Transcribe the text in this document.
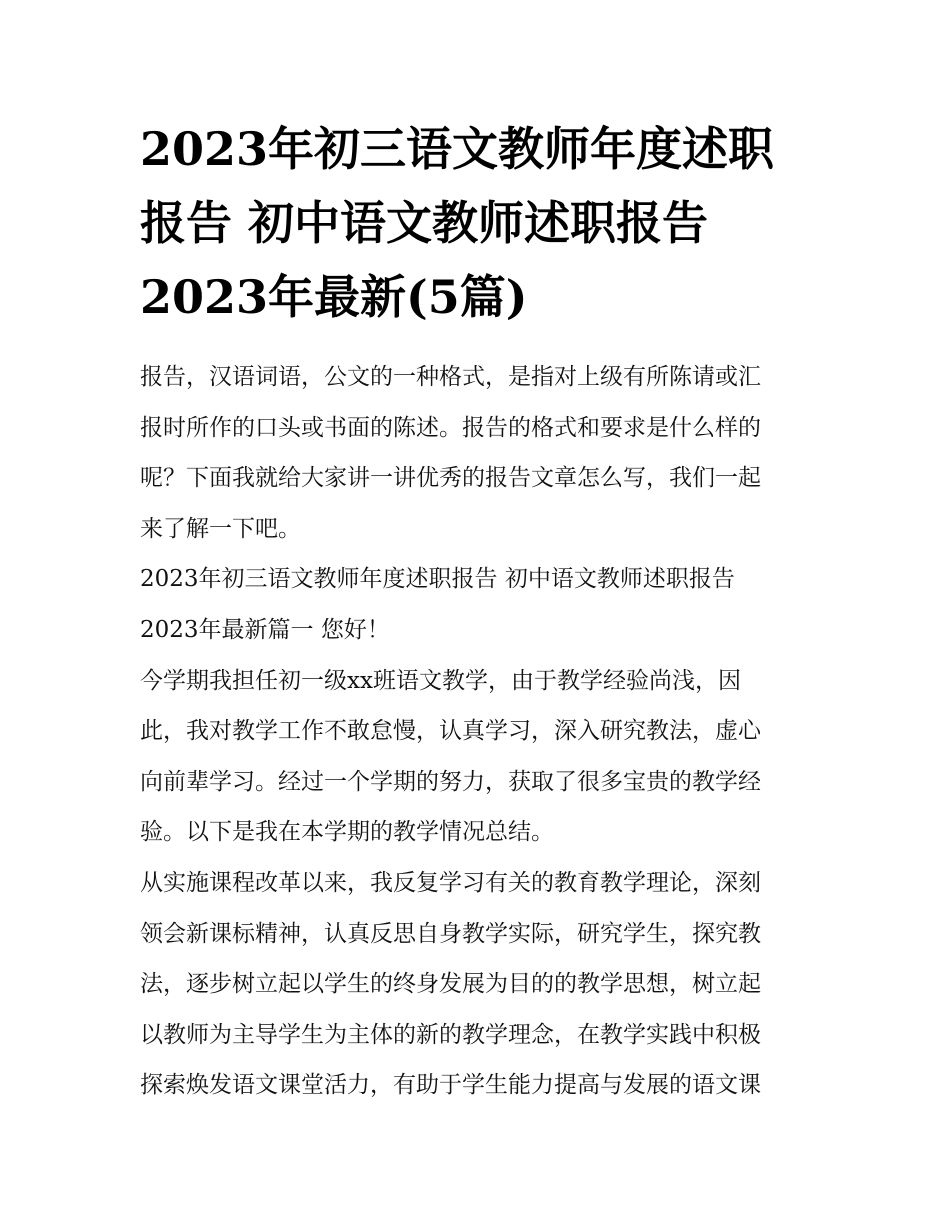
2023年初三语文教师年度述职
报告 初中语文教师述职报告
2023年最新(5篇)
报告，汉语词语，公文的一种格式，是指对上级有所陈请或汇
报时所作的口头或书面的陈述。报告的格式和要求是什么样的
呢？下面我就给大家讲一讲优秀的报告文章怎么写，我们一起
来了解一下吧。
2023年初三语文教师年度述职报告 初中语文教师述职报告
2023年最新篇一 您好！
今学期我担任初一级xx班语文教学，由于教学经验尚浅，因
此，我对教学工作不敢怠慢，认真学习，深入研究教法，虚心
向前辈学习。经过一个学期的努力，获取了很多宝贵的教学经
验。以下是我在本学期的教学情况总结。
从实施课程改革以来，我反复学习有关的教育教学理论，深刻
领会新课标精神，认真反思自身教学实际，研究学生，探究教
法，逐步树立起以学生的终身发展为目的的教学思想，树立起
以教师为主导学生为主体的新的教学理念，在教学实践中积极
探索焕发语文课堂活力，有助于学生能力提高与发展的语文课
